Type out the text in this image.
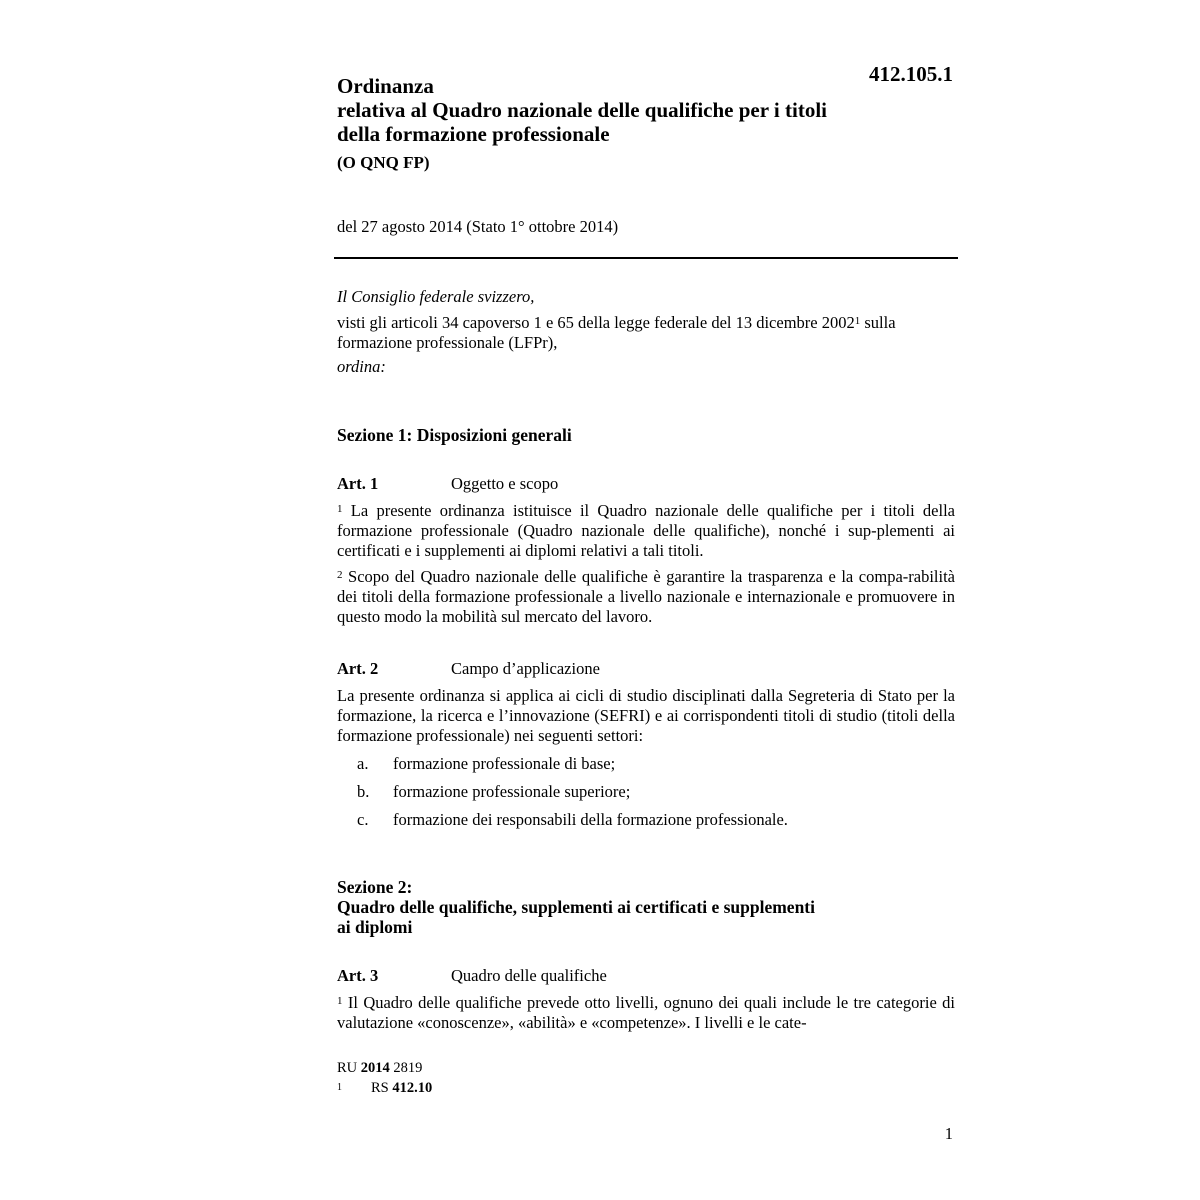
412.105.1
Ordinanza
relativa al Quadro nazionale delle qualifiche per i titoli
della formazione professionale
(O QNQ FP)
del 27 agosto 2014 (Stato 1° ottobre 2014)
Il Consiglio federale svizzero,
visti gli articoli 34 capoverso 1 e 65 della legge federale del 13 dicembre 2002$^1$ sulla formazione professionale (LFPr),
ordina:
Sezione 1: Disposizioni generali
Art. 1	Oggetto e scopo
$^1$ La presente ordinanza istituisce il Quadro nazionale delle qualifiche per i titoli della formazione professionale (Quadro nazionale delle qualifiche), nonché i sup-plementi ai certificati e i supplementi ai diplomi relativi a tali titoli.
$^2$ Scopo del Quadro nazionale delle qualifiche è garantire la trasparenza e la compa-rabilità dei titoli della formazione professionale a livello nazionale e internazionale e promuovere in questo modo la mobilità sul mercato del lavoro.
Art. 2	Campo d’applicazione
La presente ordinanza si applica ai cicli di studio disciplinati dalla Segreteria di Stato per la formazione, la ricerca e l’innovazione (SEFRI) e ai corrispondenti titoli di studio (titoli della formazione professionale) nei seguenti settori:
a.	formazione professionale di base;
b.	formazione professionale superiore;
c.	formazione dei responsabili della formazione professionale.
Sezione 2:
Quadro delle qualifiche, supplementi ai certificati e supplementi
ai diplomi
Art. 3	Quadro delle qualifiche
$^1$ Il Quadro delle qualifiche prevede otto livelli, ognuno dei quali include le tre categorie di valutazione «conoscenze», «abilità» e «competenze». I livelli e le cate-
RU 2014 2819
1	RS 412.10
1
